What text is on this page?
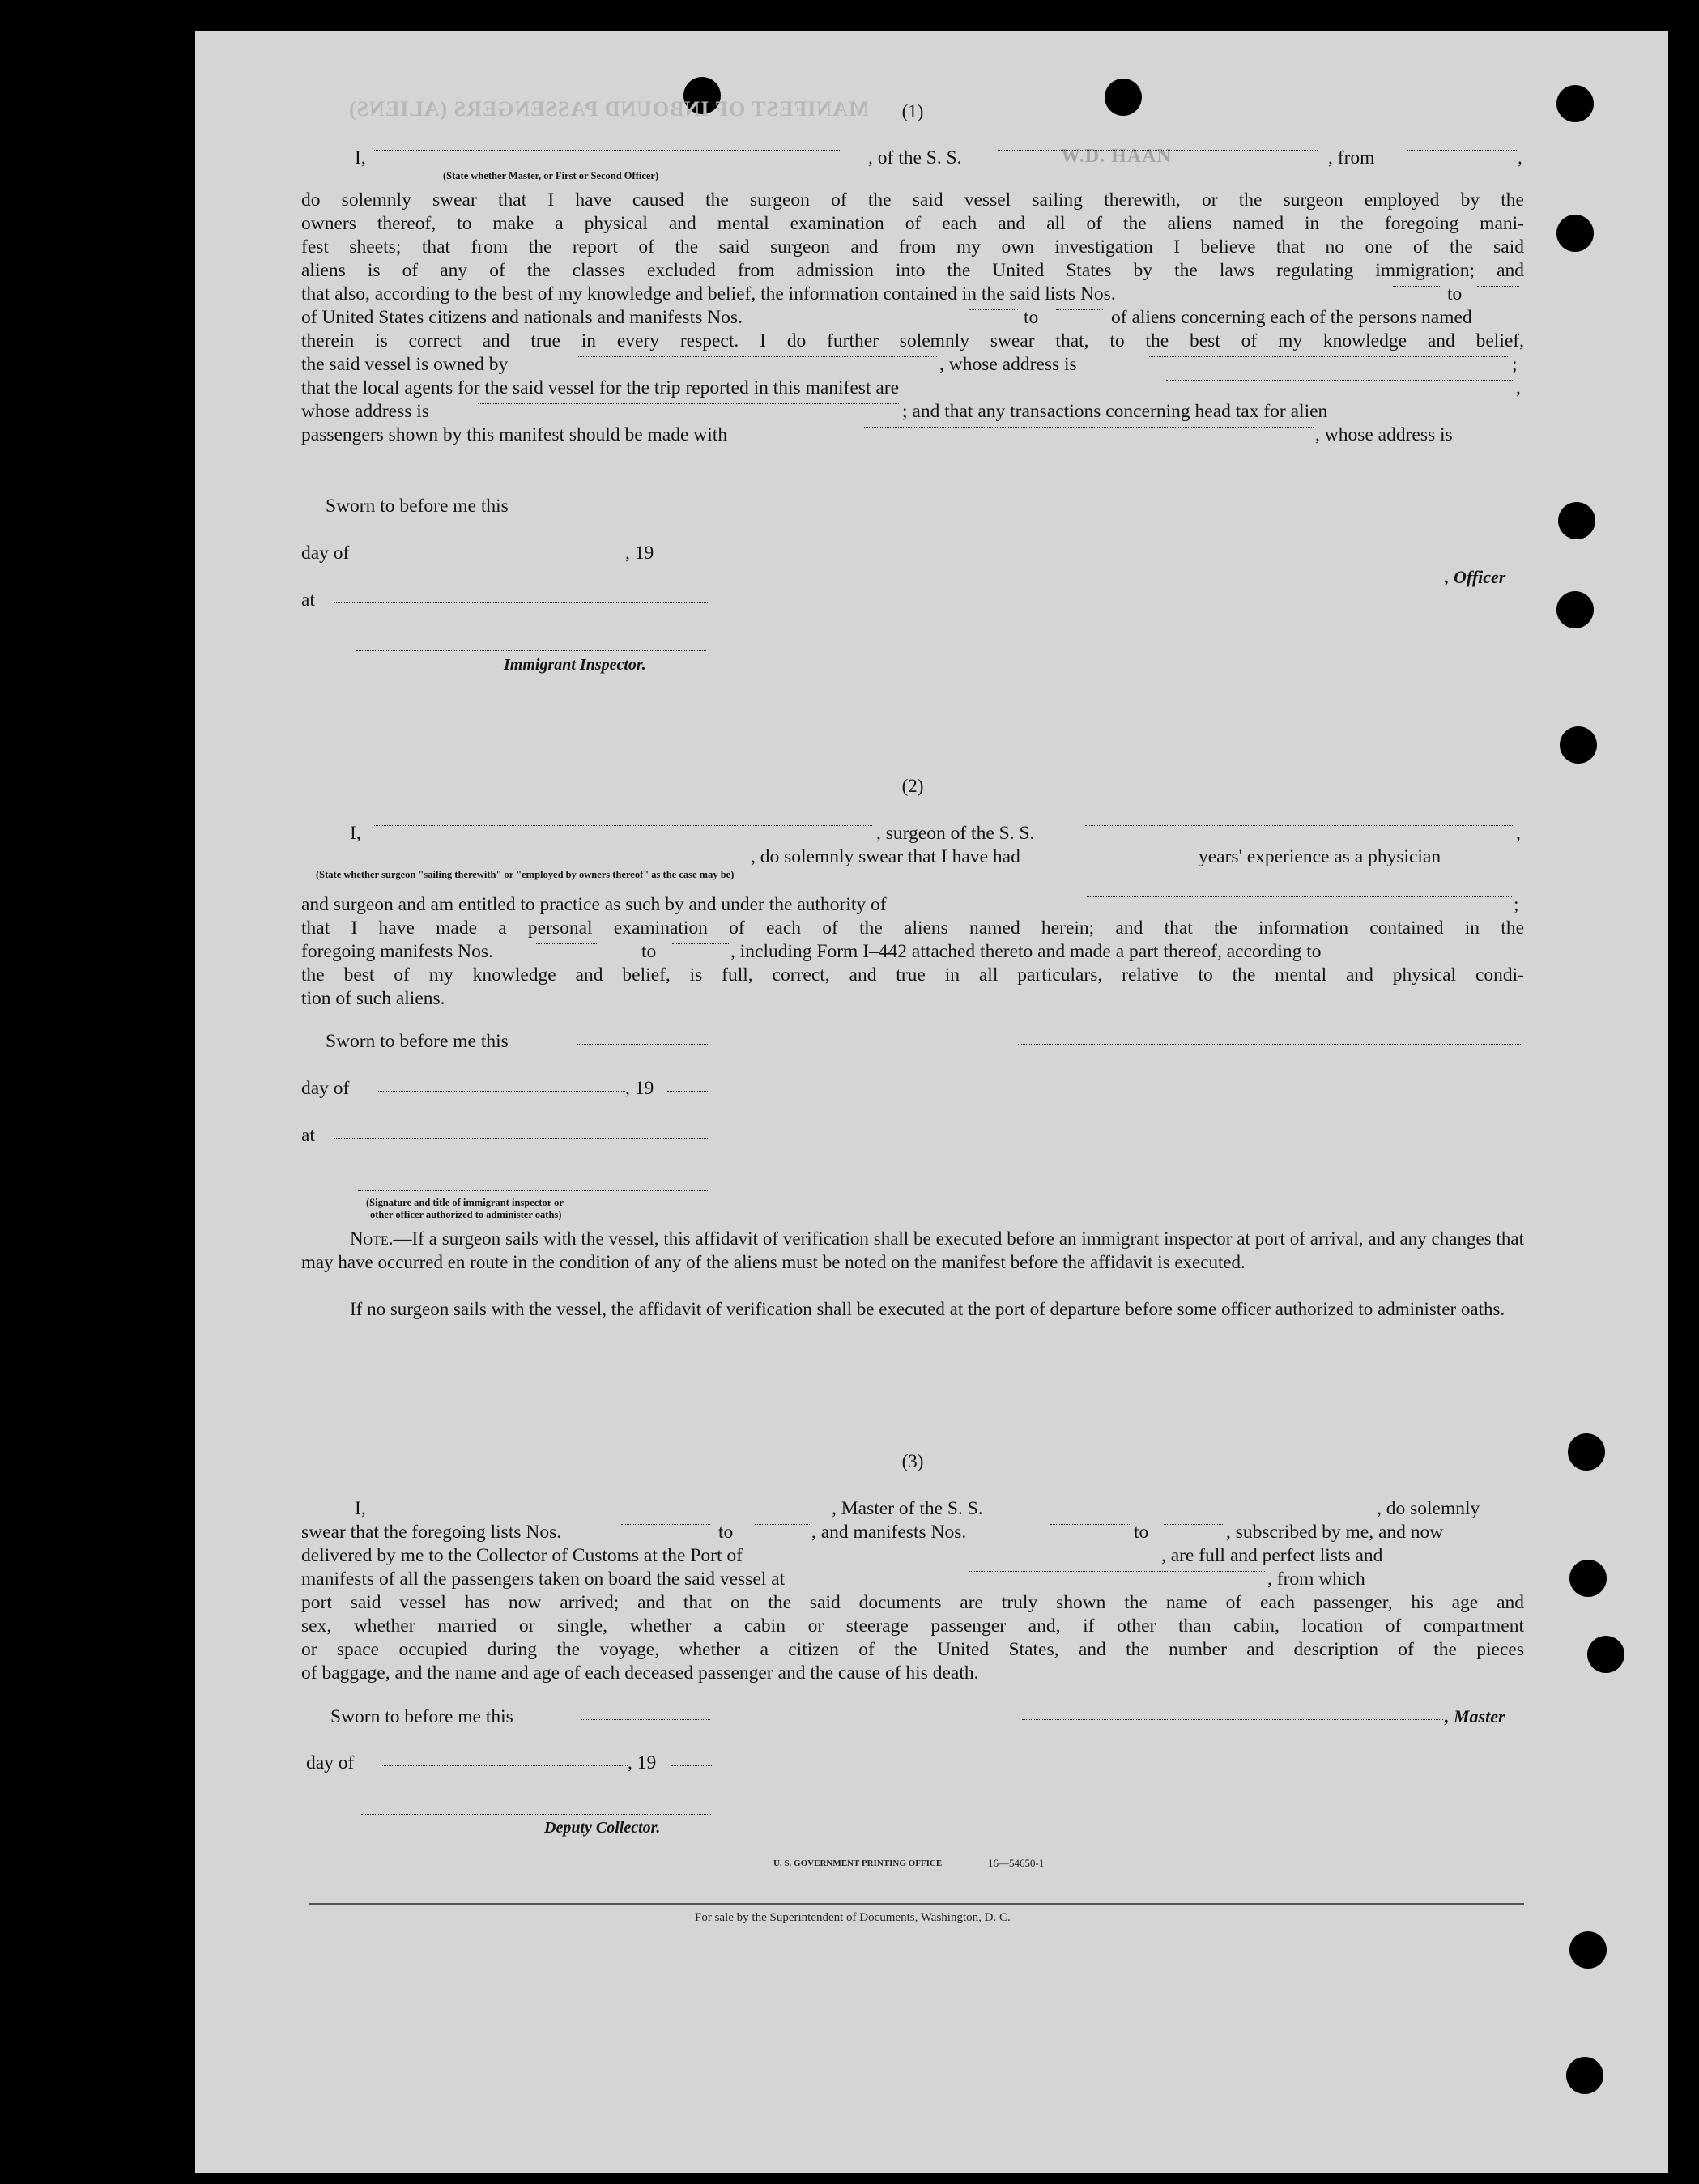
MANIFEST OF INBOUND PASSENGERS (ALIENS)
W.D. HAAN
(1)
I,	, of the S. S.	, from	,
(State whether Master, or First or Second Officer)
do solemnly swear that I have caused the surgeon of the said vessel sailing therewith, or the surgeon employed by the
owners thereof, to make a physical and mental examination of each and all of the aliens named in the foregoing mani-
fest sheets; that from the report of the said surgeon and from my own investigation I believe that no one of the said
aliens is of any of the classes excluded from admission into the United States by the laws regulating immigration; and
that also, according to the best of my knowledge and belief, the information contained in the said lists Nos.	to
of United States citizens and nationals and manifests Nos.	to	of aliens concerning each of the persons named
therein is correct and true in every respect. I do further solemnly swear that, to the best of my knowledge and belief,
the said vessel is owned by	, whose address is	;
that the local agents for the said vessel for the trip reported in this manifest are	,
whose address is	; and that any transactions concerning head tax for alien
passengers shown by this manifest should be made with	, whose address is
Sworn to before me this
day of	, 19
, Officer
at
Immigrant Inspector.
(2)
I,	, surgeon of the S. S.	,
, do solemnly swear that I have had	years' experience as a physician
(State whether surgeon "sailing therewith" or "employed by owners thereof" as the case may be)
and surgeon and am entitled to practice as such by and under the authority of	;
that I have made a personal examination of each of the aliens named herein; and that the information contained in the
foregoing manifests Nos.	to	, including Form I–442 attached thereto and made a part thereof, according to
the best of my knowledge and belief, is full, correct, and true in all particulars, relative to the mental and physical condi-
tion of such aliens.
Sworn to before me this
day of	, 19
at
(Signature and title of immigrant inspector or
other officer authorized to administer oaths)
Note.—If a surgeon sails with the vessel, this affidavit of verification shall be executed before an immigrant inspector at port of arrival, and any changes that may have occurred en route in the condition of any of the aliens must be noted on the manifest before the affidavit is executed.
If no surgeon sails with the vessel, the affidavit of verification shall be executed at the port of departure before some officer authorized to administer oaths.
(3)
I,	, Master of the S. S.	, do solemnly
swear that the foregoing lists Nos.	to	, and manifests Nos.	to	, subscribed by me, and now
delivered by me to the Collector of Customs at the Port of	, are full and perfect lists and
manifests of all the passengers taken on board the said vessel at	, from which
port said vessel has now arrived; and that on the said documents are truly shown the name of each passenger, his age and
sex, whether married or single, whether a cabin or steerage passenger and, if other than cabin, location of compartment
or space occupied during the voyage, whether a citizen of the United States, and the number and description of the pieces
of baggage, and the name and age of each deceased passenger and the cause of his death.
Sworn to before me this	, Master
day of	, 19
Deputy Collector.
U. S. GOVERNMENT PRINTING OFFICE	16—54650-1
For sale by the Superintendent of Documents, Washington, D. C.
